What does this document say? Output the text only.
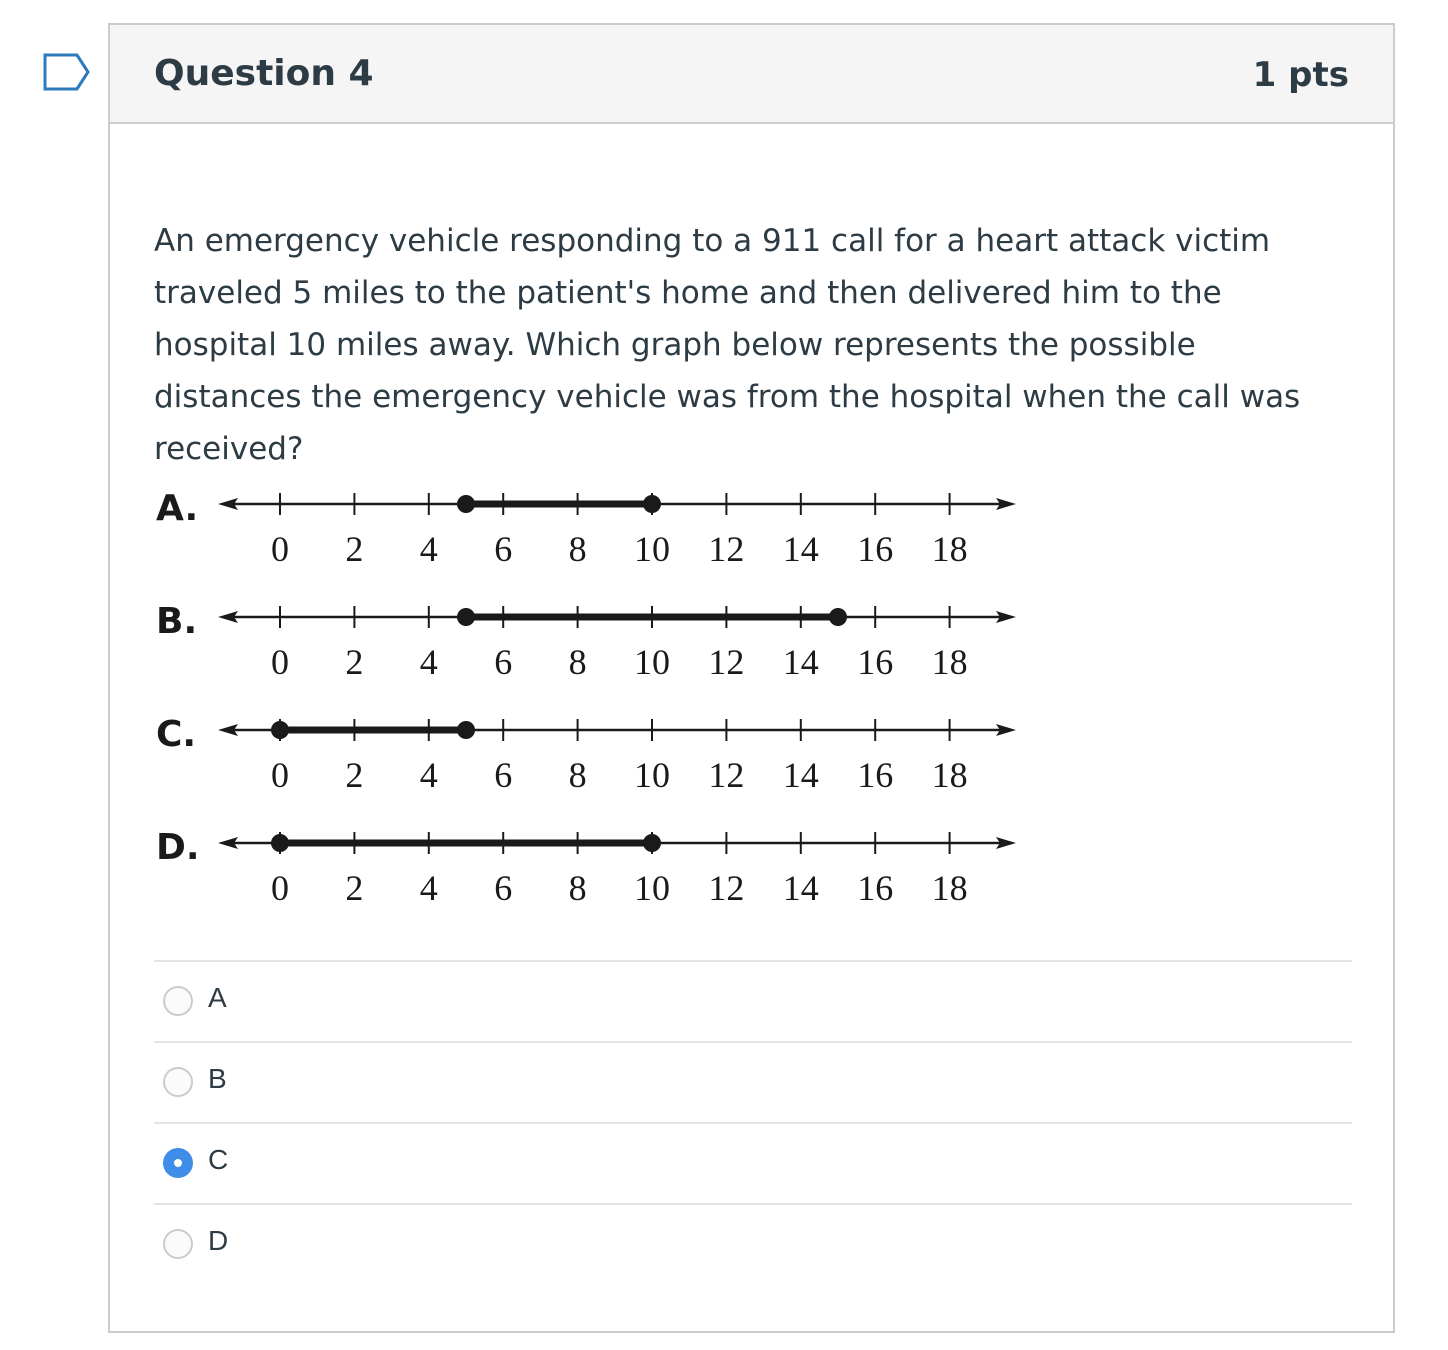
Question 4	1 pts

An emergency vehicle responding to a 911 call for a heart attack victim traveled 5 miles to the patient's home and then delivered him to the hospital 10 miles away. Which graph below represents the possible distances the emergency vehicle was from the hospital when the call was received?

A.
0 2 4 6 8 10 12 14 16 18
B.
0 2 4 6 8 10 12 14 16 18
C.
0 2 4 6 8 10 12 14 16 18
D.
0 2 4 6 8 10 12 14 16 18
A
B
C
D
